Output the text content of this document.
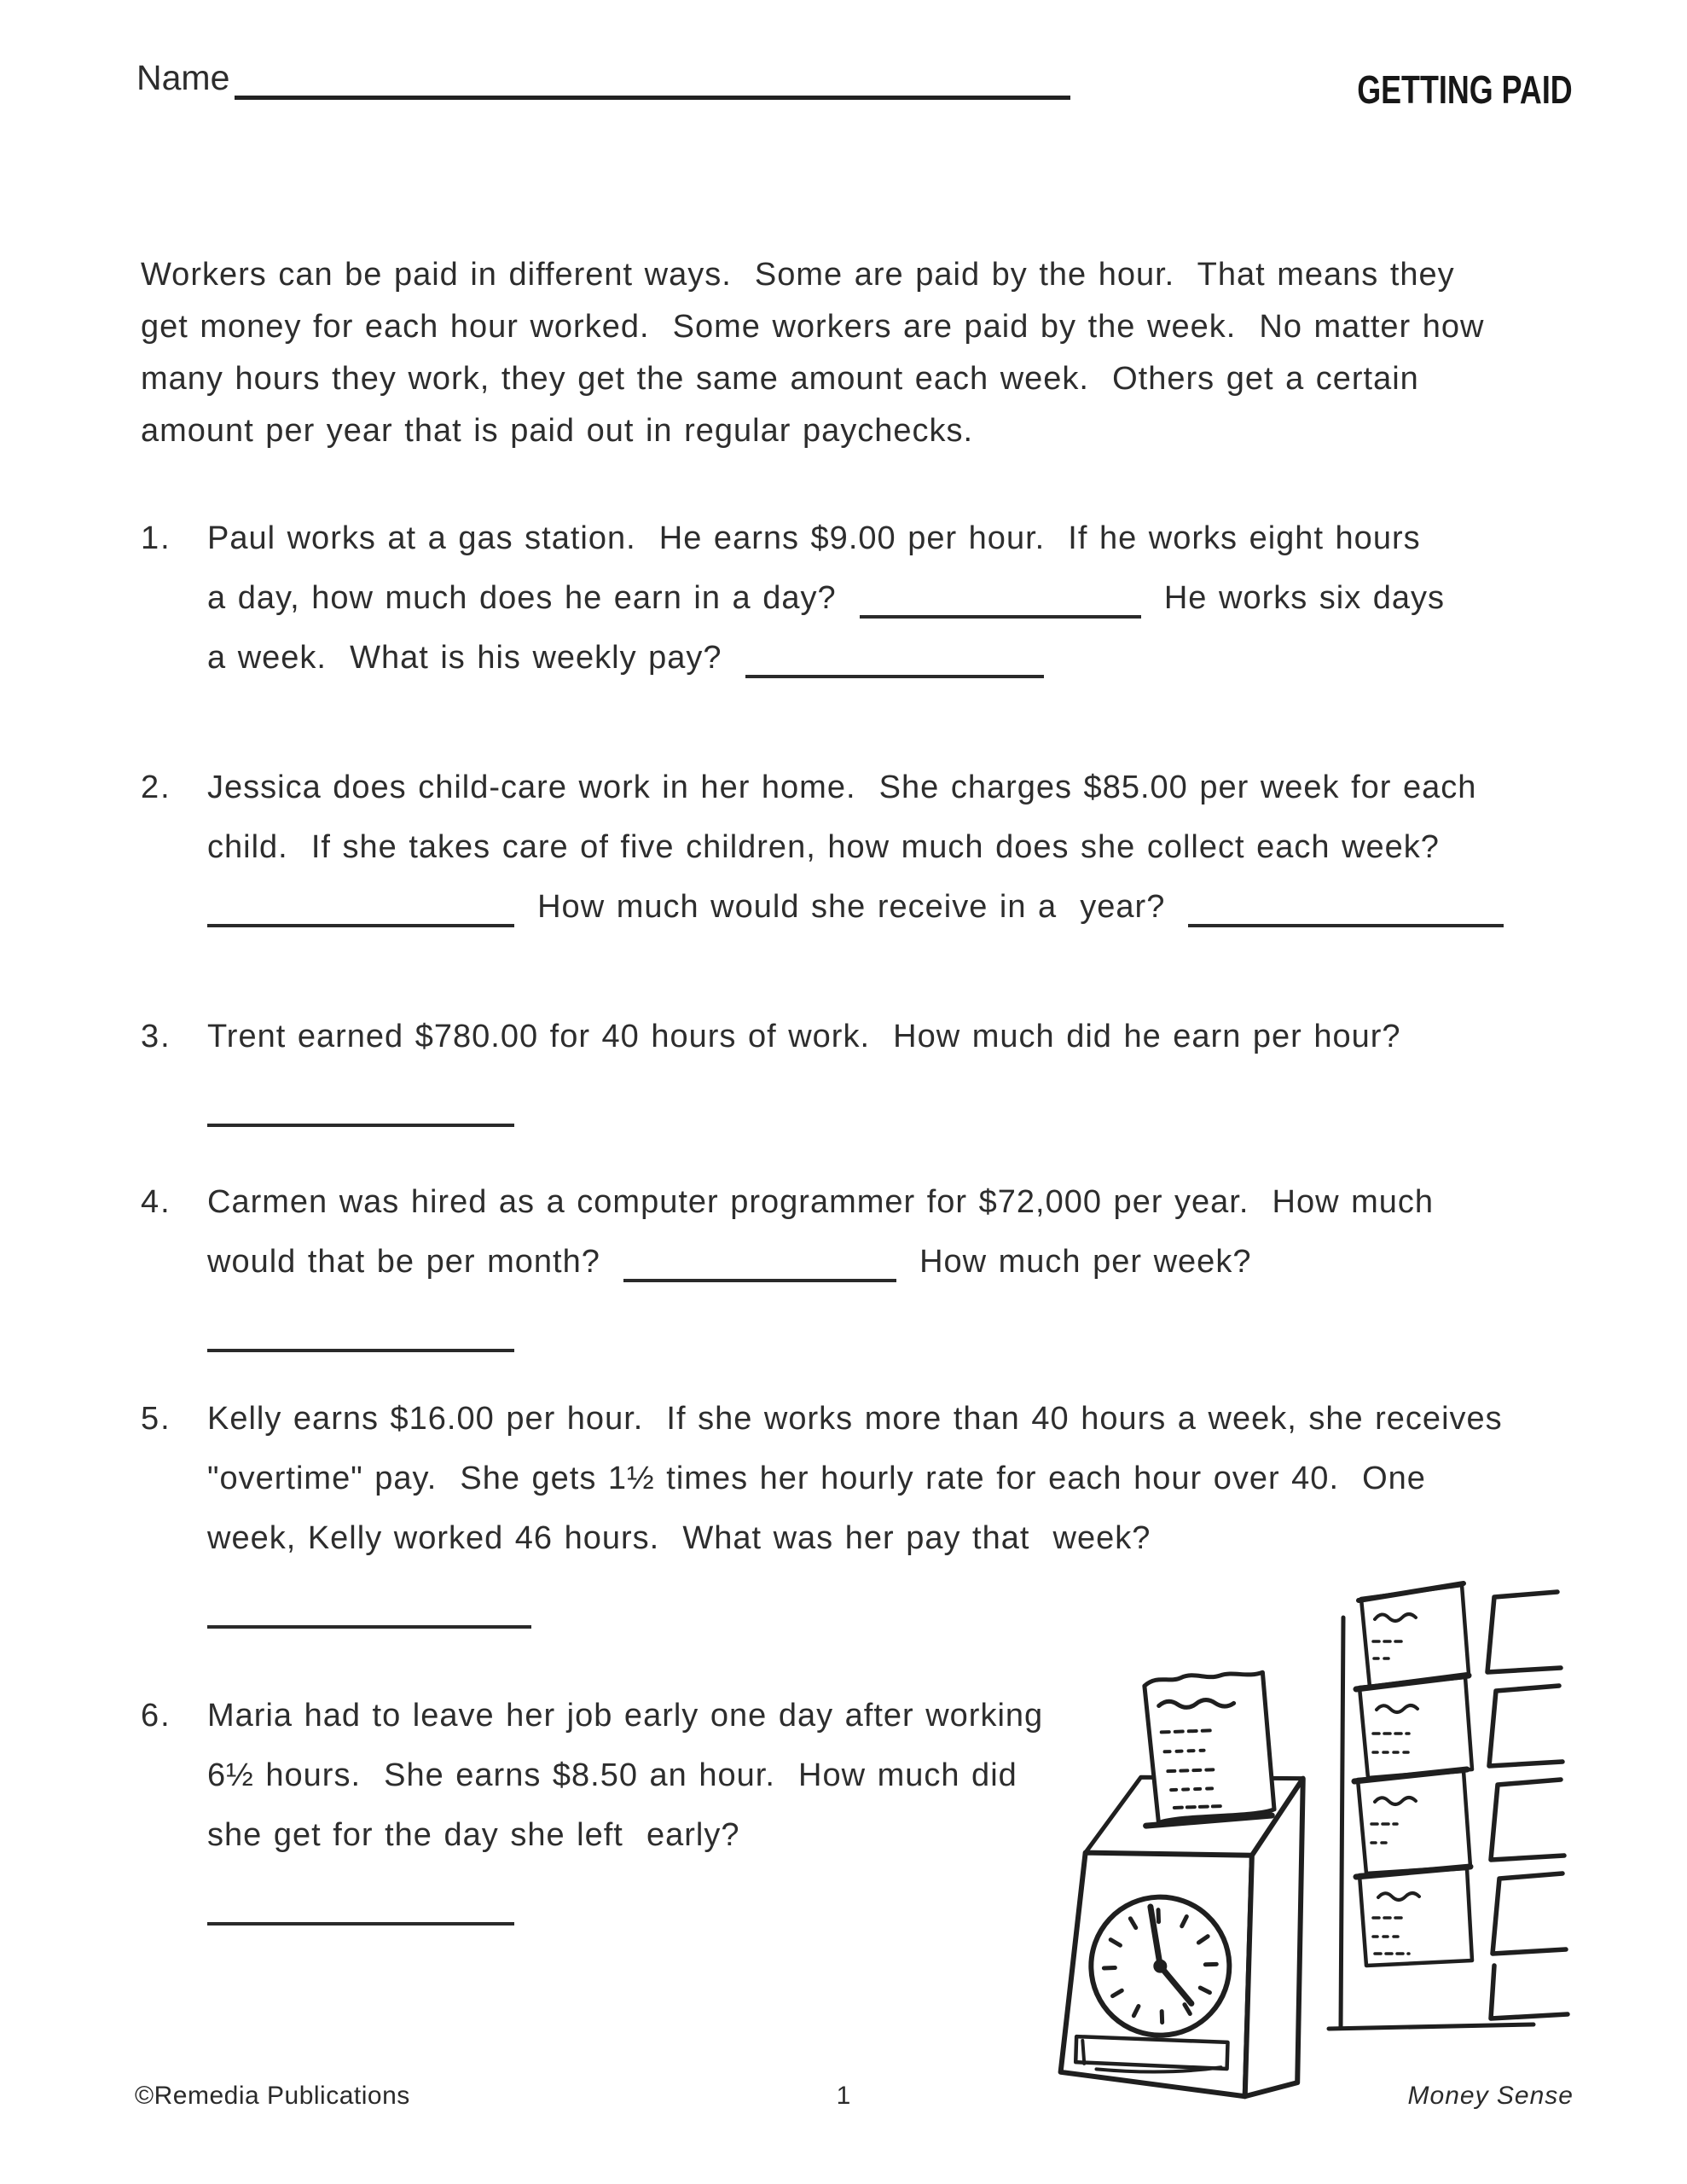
Name	GETTING PAID
Workers can be paid in different ways.  Some are paid by the hour.  That means they
get money for each hour worked.  Some workers are paid by the week.  No matter how
many hours they work, they get the same amount each week.  Others get a certain
amount per year that is paid out in regular paychecks.
1.	Paul works at a gas station.  He earns $9.00 per hour.  If he works eight hours
a day, how much does he earn in a day?	He works six days
a week.  What is his weekly pay?
2.	Jessica does child-care work in her home.  She charges $85.00 per week for each
child.  If she takes care of five children, how much does she collect each week?
How much would she receive in a  year?
3.	Trent earned $780.00 for 40 hours of work.  How much did he earn per hour?
4.	Carmen was hired as a computer programmer for $72,000 per year.  How much
would that be per month?	How much per week?
5.	Kelly earns $16.00 per hour.  If she works more than 40 hours a week, she receives
"overtime" pay.  She gets 1½ times her hourly rate for each hour over 40.  One
week, Kelly worked 46 hours.  What was her pay that  week?
6.	Maria had to leave her job early one day after working
6½ hours.  She earns $8.50 an hour.  How much did
she get for the day she left  early?
©Remedia Publications	1	Money Sense
